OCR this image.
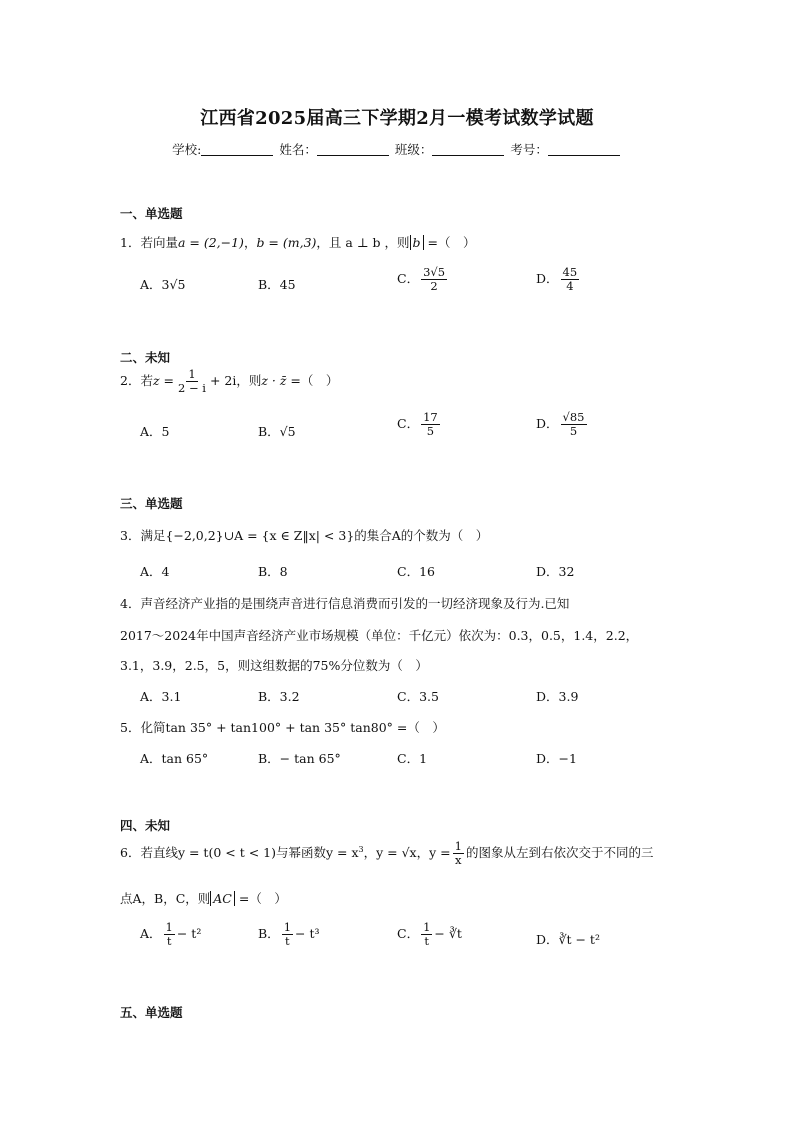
江西省2025届高三下学期2月一模考试数学试题
学校:	姓名：	班级：	考号：
一、单选题
1．若向量a = (2,−1)，b = (m,3)，且 a ⊥ b ，则 b =（　）
A．3√5	B．45	C． $\frac{3√5}{2}$	D． $\frac{45}{4}$
二、未知
2．若$z = \frac{1}{2 - i} + 2i$，则z · z̄ =（　）
A．5	B．√5
C． $\frac{17}{5}$	D． $\frac{√85}{5}$
三、单选题
3．满足{−2,0,2}∪A = {x ∈ Z‖x| < 3}的集合A的个数为（　）
A．4	B．8	C．16	D．32
4．声音经济产业指的是围绕声音进行信息消费而引发的一切经济现象及行为.已知
2017～2024年中国声音经济产业市场规模（单位：千亿元）依次为：0.3，0.5，1.4，2.2，
3.1，3.9，2.5，5，则这组数据的75%分位数为（　）
A．3.1	B．3.2	C．3.5	D．3.9
5．化简tan 35° + tan100° + tan 35° tan80° =（　）
A．tan 65°	B．− tan 65°	C．1	D．−1
四、未知
6．若直线y = t(0 < t < 1)与幂函数$y = x^3$，y = √x，$y = \frac{1}{x}$ 的图象从左到右依次交于不同的三
点A，B，C，则 AC =（　）
A． $\frac{1}{t} - t^2$	B． $\frac{1}{t} - t^3$	C． $\frac{1}{t}$ − ∛t	D．∛t − t²
五、单选题
